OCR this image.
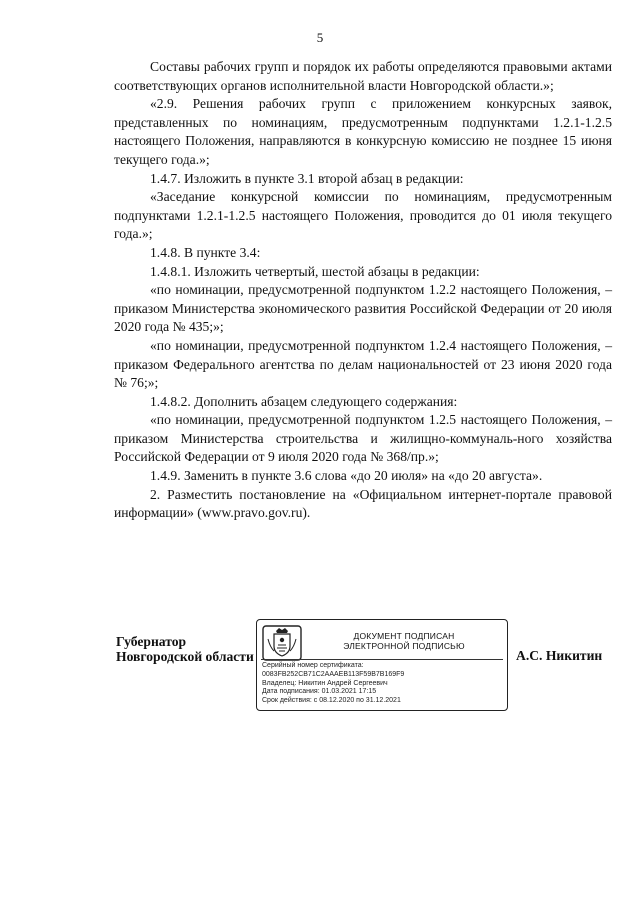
5

Составы рабочих групп и порядок их работы определяются правовыми актами соответствующих органов исполнительной власти Новгородской области.»;

«2.9. Решения рабочих групп с приложением конкурсных заявок, представленных по номинациям, предусмотренным подпунктами 1.2.1-1.2.5 настоящего Положения, направляются в конкурсную комиссию не позднее 15 июня текущего года.»;

1.4.7. Изложить в пункте 3.1 второй абзац в редакции:

«Заседание конкурсной комиссии по номинациям, предусмотренным подпунктами 1.2.1-1.2.5 настоящего Положения, проводится до 01 июля текущего года.»;

1.4.8. В пункте 3.4:

1.4.8.1. Изложить четвертый, шестой абзацы в редакции:

«по номинации, предусмотренной подпунктом 1.2.2 настоящего Положения, – приказом Министерства экономического развития Российской Федерации от 20 июля 2020 года № 435;»;

«по номинации, предусмотренной подпунктом 1.2.4 настоящего Положения, – приказом Федерального агентства по делам национальностей от 23 июня 2020 года № 76;»;

1.4.8.2. Дополнить абзацем следующего содержания:

«по номинации, предусмотренной подпунктом 1.2.5 настоящего Положения, – приказом Министерства строительства и жилищно-коммуналь-ного хозяйства Российской Федерации от 9 июля 2020 года № 368/пр.»;

1.4.9. Заменить в пункте 3.6 слова «до 20 июля» на «до 20 августа».

2. Разместить постановление на «Официальном интернет-портале правовой информации» (www.pravo.gov.ru).

Губернатор
Новгородской области
ДОКУМЕНТ ПОДПИСАН
ЭЛЕКТРОННОЙ ПОДПИСЬЮ
Серийный номер сертификата:
0083FB252CB71C2AAAEB113F59B7B169F9
Владелец: Никитин Андрей Сергеевич
Дата подписания: 01.03.2021 17:15
Срок действия: с 08.12.2020 по 31.12.2021
А.С. Никитин
